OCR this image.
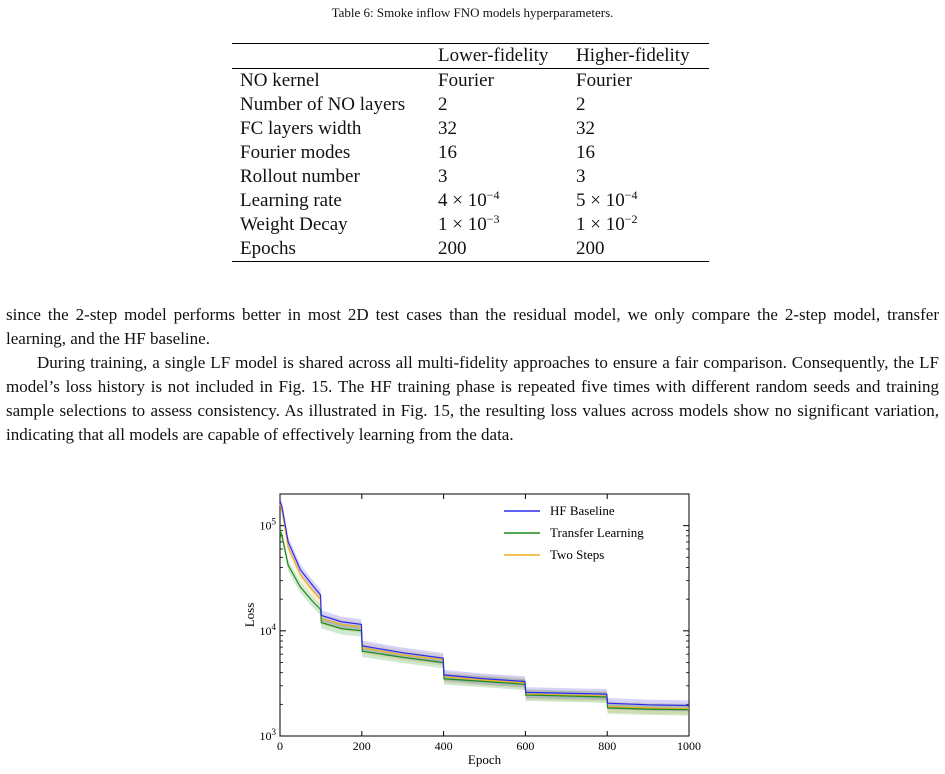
Table 6: Smoke inflow FNO models hyperparameters.
	Lower-fidelity	Higher-fidelity
NO kernel	Fourier	Fourier
Number of NO layers	2	2
FC layers width	32	32
Fourier modes	16	16
Rollout number	3	3
Learning rate	$4 \times 10^{-4}$	$5 \times 10^{-4}$
Weight Decay	$1 \times 10^{-3}$	$1 \times 10^{-2}$
Epochs	200	200

since the 2-step model performs better in most 2D test cases than the residual model, we only compare the 2-step model, transfer learning, and the HF baseline.

During training, a single LF model is shared across all multi-fidelity approaches to ensure a fair comparison. Consequently, the LF model’s loss history is not included in Fig. 15. The HF training phase is repeated five times with different random seeds and training sample selections to assess consistency. As illustrated in Fig. 15, the resulting loss values across models show no significant variation, indicating that all models are capable of effectively learning from the data.

0	200	400	600	800	1000
$10^3$
$10^4$
$10^5$
Epoch
Loss
HF Baseline
Transfer Learning
Two Steps
